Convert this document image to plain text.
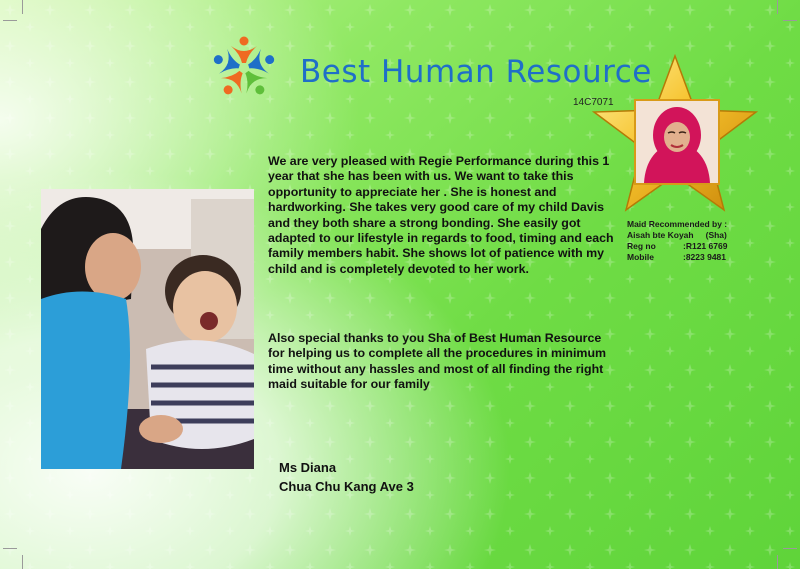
Best Human Resource
14C7071
Maid Recommended by :
Aisah bte Koyah (Sha)
Reg no	:R121 6769
Mobile	:8223 9481
We are very pleased with Regie Performance during this 1 year that she has been with us. We want to take this opportunity to appreciate her . She is honest and hardworking. She takes very good care of my child Davis and they both share a strong bonding. She easily got adapted to our lifestyle in regards to food, timing and each family members habit. She shows lot of patience with my child and is completely devoted to her work.
Also special thanks to you Sha of Best Human Resource for helping us to complete all the procedures in minimum time without any hassles and most of all finding the right maid suitable for our family
Ms Diana
Chua Chu Kang Ave 3
